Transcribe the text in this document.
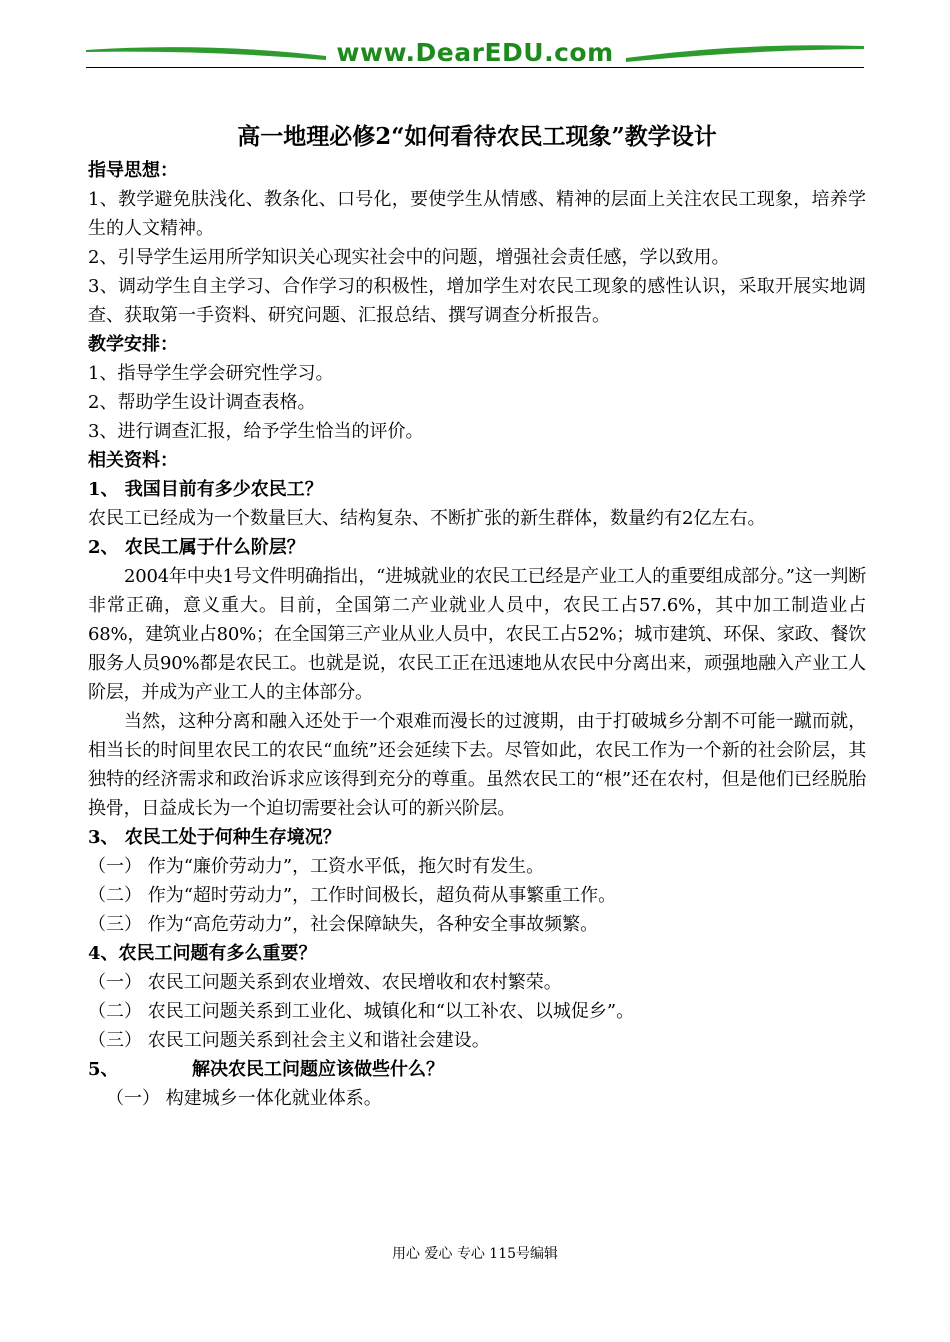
www.DearEDU.com

高一地理必修2“如何看待农民工现象”教学设计

指导思想：

1、教学避免肤浅化、教条化、口号化，要使学生从情感、精神的层面上关注农民工现象，培养学生的人文精神。

2、引导学生运用所学知识关心现实社会中的问题，增强社会责任感，学以致用。

3、调动学生自主学习、合作学习的积极性，增加学生对农民工现象的感性认识，采取开展实地调查、获取第一手资料、研究问题、汇报总结、撰写调查分析报告。

教学安排：

1、指导学生学会研究性学习。

2、帮助学生设计调查表格。

3、进行调查汇报，给予学生恰当的评价。

相关资料：

1、 我国目前有多少农民工？

农民工已经成为一个数量巨大、结构复杂、不断扩张的新生群体，数量约有2亿左右。

2、 农民工属于什么阶层？

2004年中央1号文件明确指出，“进城就业的农民工已经是产业工人的重要组成部分。”这一判断非常正确，意义重大。目前，全国第二产业就业人员中，农民工占57.6%，其中加工制造业占68%，建筑业占80%；在全国第三产业从业人员中，农民工占52%；城市建筑、环保、家政、餐饮服务人员90%都是农民工。也就是说，农民工正在迅速地从农民中分离出来，顽强地融入产业工人阶层，并成为产业工人的主体部分。

当然，这种分离和融入还处于一个艰难而漫长的过渡期，由于打破城乡分割不可能一蹴而就，相当长的时间里农民工的农民“血统”还会延续下去。尽管如此，农民工作为一个新的社会阶层，其独特的经济需求和政治诉求应该得到充分的尊重。虽然农民工的“根”还在农村，但是他们已经脱胎换骨，日益成长为一个迫切需要社会认可的新兴阶层。

3、 农民工处于何种生存境况？

（一） 作为“廉价劳动力”，工资水平低，拖欠时有发生。

（二） 作为“超时劳动力”，工作时间极长，超负荷从事繁重工作。

（三） 作为“高危劳动力”，社会保障缺失，各种安全事故频繁。

4、农民工问题有多么重要？

（一） 农民工问题关系到农业增效、农民增收和农村繁荣。

（二） 农民工问题关系到工业化、城镇化和“以工补农、以城促乡”。

（三） 农民工问题关系到社会主义和谐社会建设。

5、	解决农民工问题应该做些什么？

（一） 构建城乡一体化就业体系。

用心 爱心 专心 115号编辑
